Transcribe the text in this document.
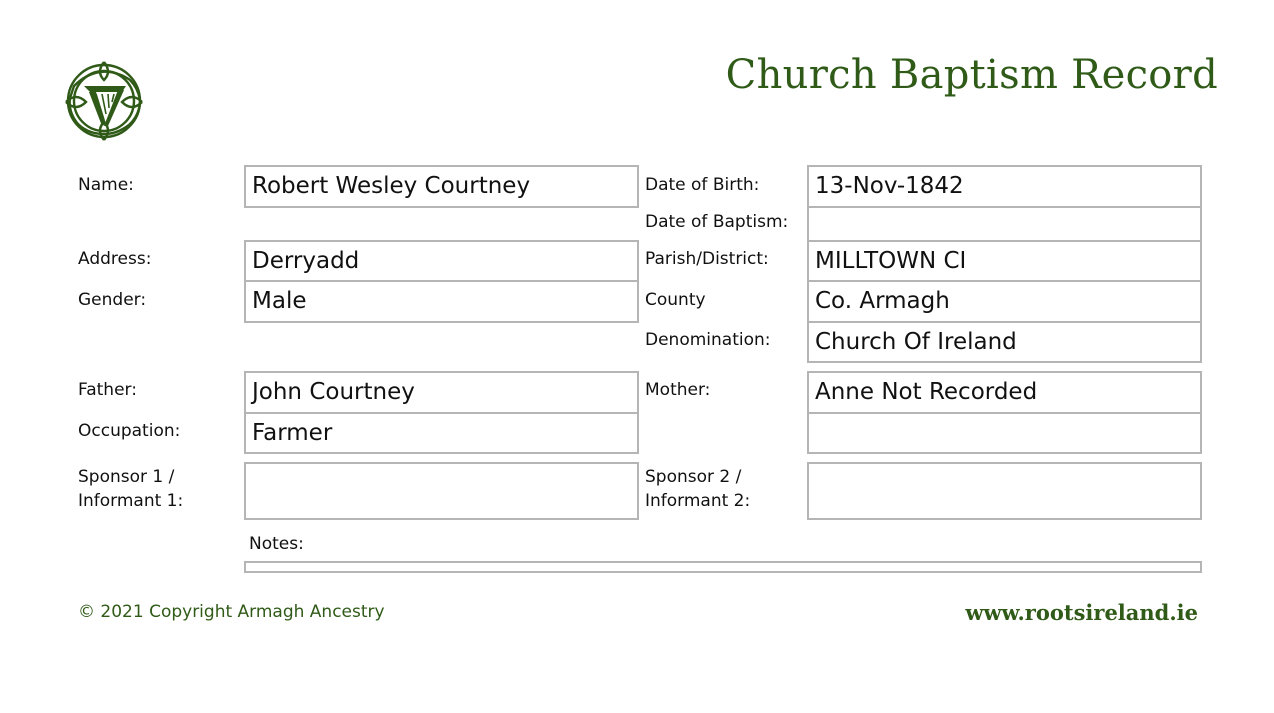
Church Baptism Record
Name:
Address:
Gender:
Father:
Occupation:
Sponsor 1 /
Informant 1:
Robert Wesley Courtney
Derryadd
Male
John Courtney
Farmer
Date of Birth:
Date of Baptism:
Parish/District:
County
Denomination:
Mother:
Sponsor 2 /
Informant 2:
13-Nov-1842
MILLTOWN CI
Co. Armagh
Church Of Ireland
Anne Not Recorded
Notes:
© 2021 Copyright Armagh Ancestry	www.rootsireland.ie
